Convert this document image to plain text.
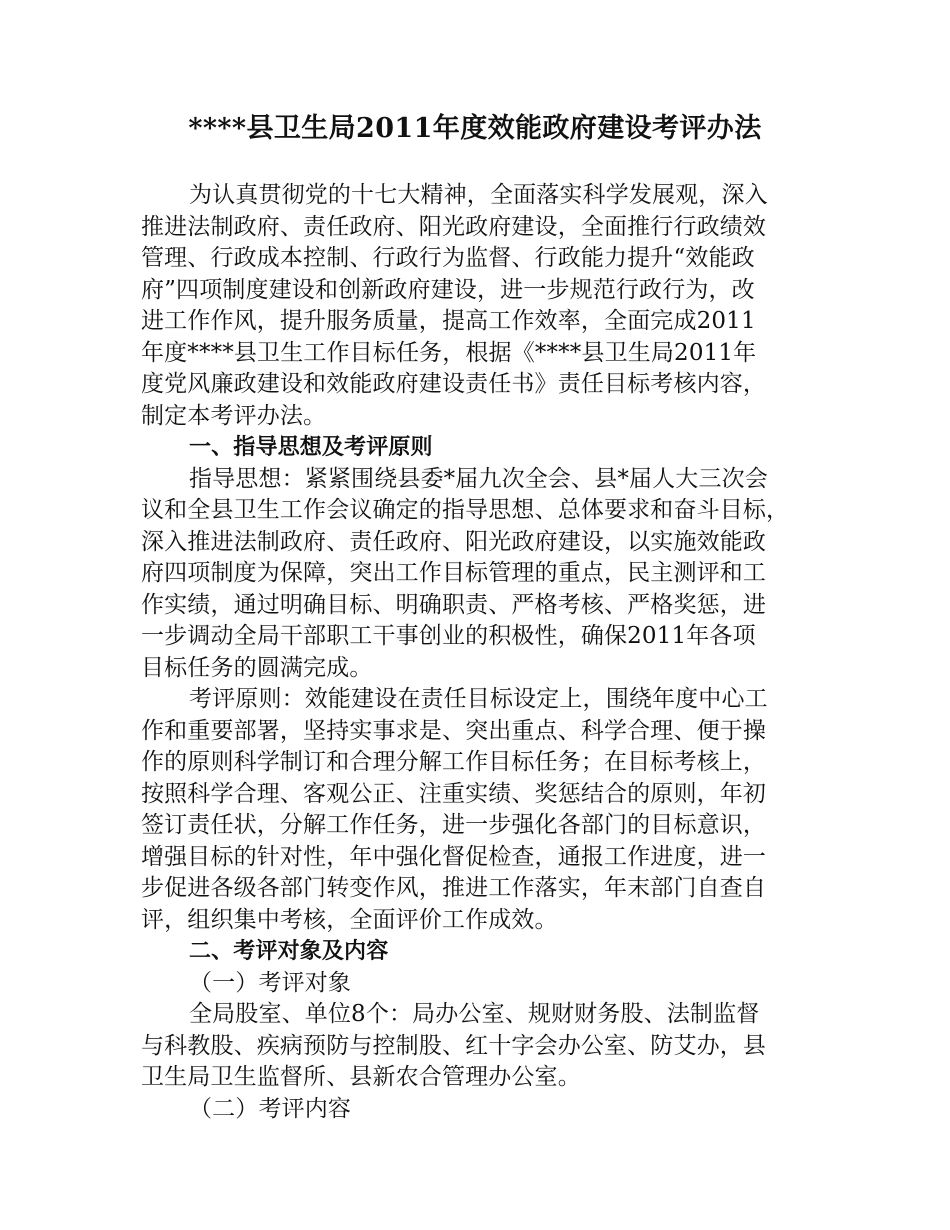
****县卫生局2011年度效能政府建设考评办法
为认真贯彻党的十七大精神，全面落实科学发展观，深入
推进法制政府、责任政府、阳光政府建设，全面推行行政绩效
管理、行政成本控制、行政行为监督、行政能力提升“效能政
府”四项制度建设和创新政府建设，进一步规范行政行为，改
进工作作风，提升服务质量，提高工作效率，全面完成2011
年度****县卫生工作目标任务，根据《****县卫生局2011年
度党风廉政建设和效能政府建设责任书》责任目标考核内容，
制定本考评办法。
一、指导思想及考评原则
指导思想：紧紧围绕县委*届九次全会、县*届人大三次会
议和全县卫生工作会议确定的指导思想、总体要求和奋斗目标，
深入推进法制政府、责任政府、阳光政府建设，以实施效能政
府四项制度为保障，突出工作目标管理的重点，民主测评和工
作实绩，通过明确目标、明确职责、严格考核、严格奖惩，进
一步调动全局干部职工干事创业的积极性，确保2011年各项
目标任务的圆满完成。
考评原则：效能建设在责任目标设定上，围绕年度中心工
作和重要部署，坚持实事求是、突出重点、科学合理、便于操
作的原则科学制订和合理分解工作目标任务；在目标考核上，
按照科学合理、客观公正、注重实绩、奖惩结合的原则，年初
签订责任状，分解工作任务，进一步强化各部门的目标意识，
增强目标的针对性，年中强化督促检查，通报工作进度，进一
步促进各级各部门转变作风，推进工作落实，年末部门自查自
评，组织集中考核，全面评价工作成效。
二、考评对象及内容
（一）考评对象
全局股室、单位8个：局办公室、规财财务股、法制监督
与科教股、疾病预防与控制股、红十字会办公室、防艾办，县
卫生局卫生监督所、县新农合管理办公室。
（二）考评内容
